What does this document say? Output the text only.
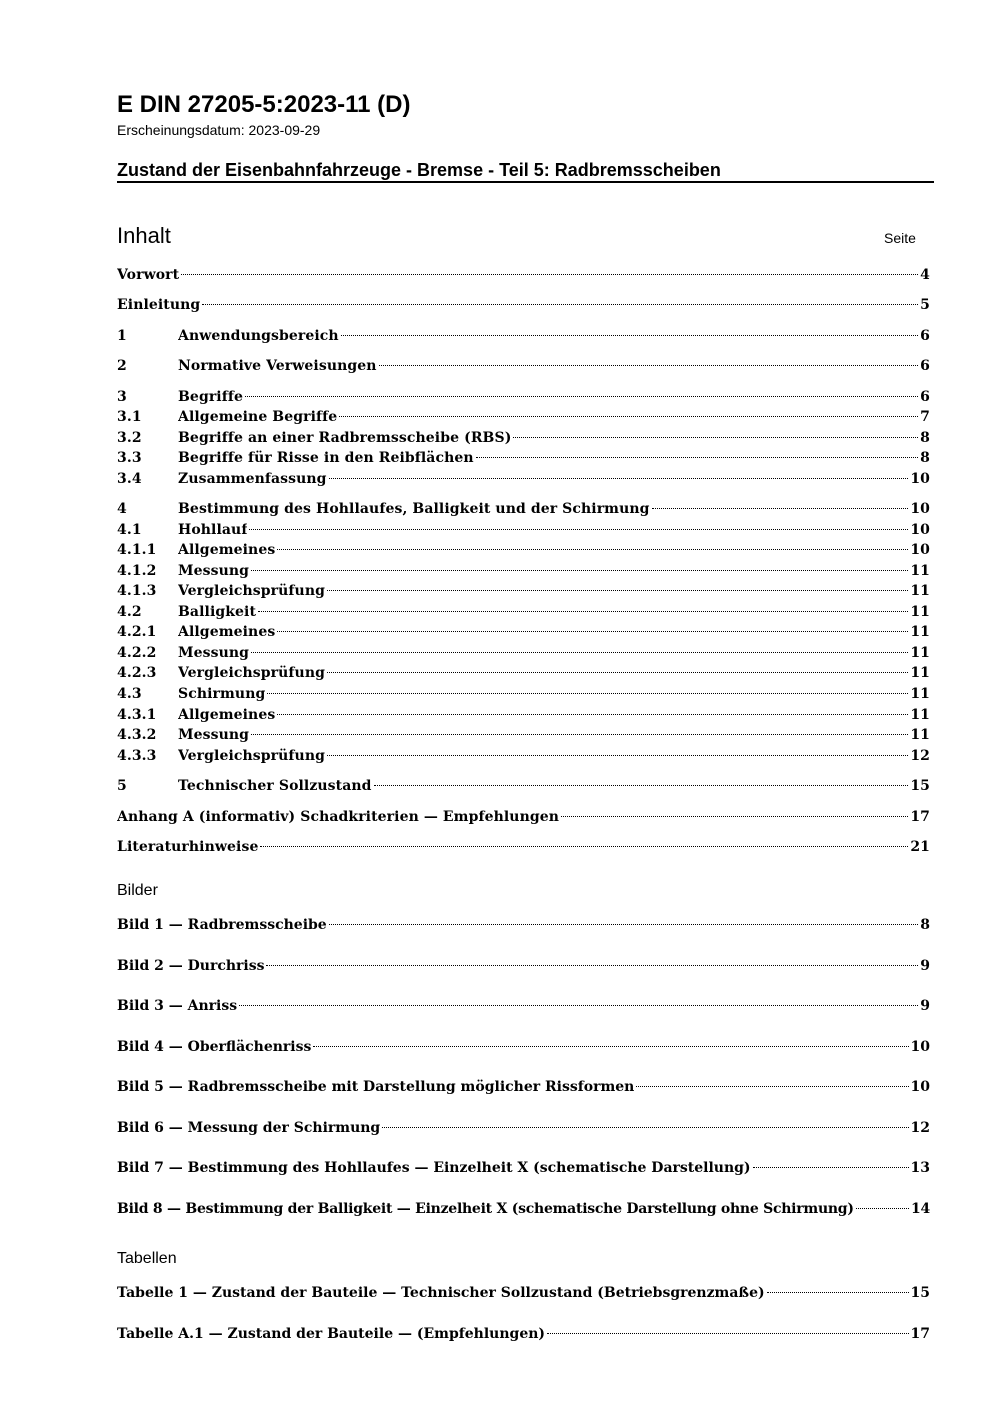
E DIN 27205-5:2023-11 (D)
Erscheinungsdatum: 2023-09-29
Zustand der Eisenbahnfahrzeuge - Bremse - Teil 5: Radbremsscheiben
Inhalt	Seite
Vorwort	4
Einleitung	5
1	Anwendungsbereich	6
2	Normative Verweisungen	6
3	Begriffe	6
3.1	Allgemeine Begriffe	7
3.2	Begriffe an einer Radbremsscheibe (RBS)	8
3.3	Begriffe für Risse in den Reibflächen	8
3.4	Zusammenfassung	10
4	Bestimmung des Hohllaufes, Balligkeit und der Schirmung	10
4.1	Hohllauf	10
4.1.1	Allgemeines	10
4.1.2	Messung	11
4.1.3	Vergleichsprüfung	11
4.2	Balligkeit	11
4.2.1	Allgemeines	11
4.2.2	Messung	11
4.2.3	Vergleichsprüfung	11
4.3	Schirmung	11
4.3.1	Allgemeines	11
4.3.2	Messung	11
4.3.3	Vergleichsprüfung	12
5	Technischer Sollzustand	15
Anhang A (informativ) Schadkriterien — Empfehlungen	17
Literaturhinweise	21
Bilder
Bild 1 — Radbremsscheibe	8
Bild 2 — Durchriss	9
Bild 3 — Anriss	9
Bild 4 — Oberflächenriss	10
Bild 5 — Radbremsscheibe mit Darstellung möglicher Rissformen	10
Bild 6 — Messung der Schirmung	12
Bild 7 — Bestimmung des Hohllaufes — Einzelheit X (schematische Darstellung)	13
Bild 8 — Bestimmung der Balligkeit — Einzelheit X (schematische Darstellung ohne Schirmung)	14
Tabellen
Tabelle 1 — Zustand der Bauteile — Technischer Sollzustand (Betriebsgrenzmaße)	15
Tabelle A.1 — Zustand der Bauteile — (Empfehlungen)	17
